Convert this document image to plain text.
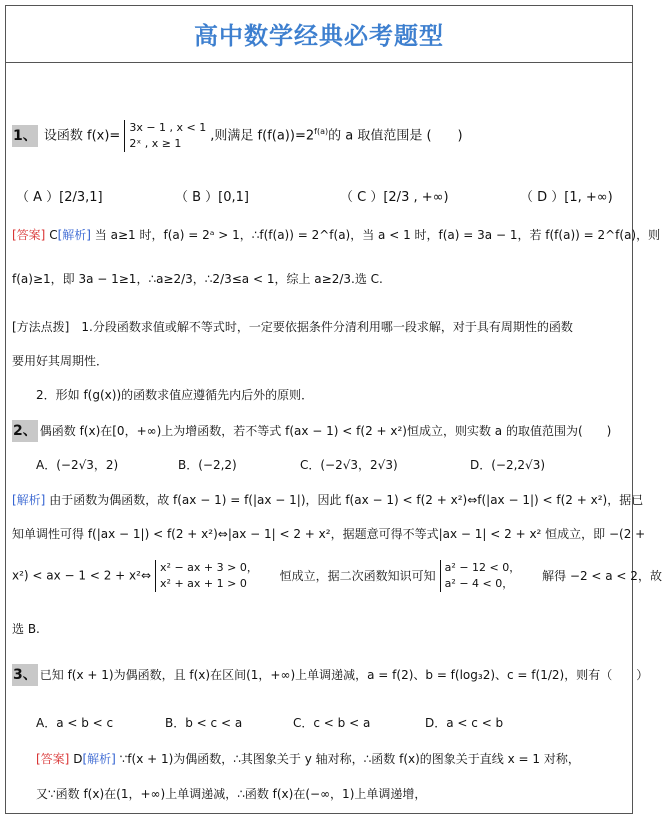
高中数学经典必考题型
1、 设函数 f(x)=3x − 1 , x < 1
2ˣ , x ≥ 1 ,则满足 $f(f(a))=2^{f(a)}$的 a 取值范围是 (　　)
（ A ）[2/3,1]	（ B ）[0,1]	（ C ）[2/3 , +∞)	（ D ）[1, +∞)
[答案] C[解析] 当 a≥1 时，f(a) = 2ᵃ > 1，∴f(f(a)) = 2^f(a)，当 a < 1 时，f(a) = 3a − 1，若 f(f(a)) = 2^f(a)，则
f(a)≥1，即 3a − 1≥1，∴a≥2/3，∴2/3≤a < 1，综上 a≥2/3.选 C.
[方法点拨]　1.分段函数求值或解不等式时，一定要依据条件分清利用哪一段求解，对于具有周期性的函数
要用好其周期性．
2．形如 f(g(x))的函数求值应遵循先内后外的原则．
2、 偶函数 f(x)在[0，+∞)上为增函数，若不等式 f(ax − 1) < f(2 + x²)恒成立，则实数 a 的取值范围为(　　)
A．(−2√3，2)	B．(−2,2)	C．(−2√3，2√3)	D．(−2,2√3)
[解析] 由于函数为偶函数，故 f(ax − 1) = f(|ax − 1|)，因此 f(ax − 1) < f(2 + x²)⇔f(|ax − 1|) < f(2 + x²)，据已
知单调性可得 f(|ax − 1|) < f(2 + x²)⇔|ax − 1| < 2 + x²，据题意可得不等式|ax − 1| < 2 + x² 恒成立，即 −(2 +
x²) < ax − 1 < 2 + x²⇔x² − ax + 3 > 0，
x² + ax + 1 > 0 恒成立，据二次函数知识可知a² − 12 < 0，
a² − 4 < 0， 解得 −2 < a < 2，故
选 B.
3、 已知 f(x + 1)为偶函数，且 f(x)在区间(1，+∞)上单调递减，a = f(2)、b = f(log₃2)、c = f(1/2)，则有（　　）
A．a < b < c	B．b < c < a	C．c < b < a	D．a < c < b
[答案] D[解析] ∵f(x + 1)为偶函数，∴其图象关于 y 轴对称，∴函数 f(x)的图象关于直线 x = 1 对称，
又∵函数 f(x)在(1，+∞)上单调递减，∴函数 f(x)在(−∞，1)上单调递增，
